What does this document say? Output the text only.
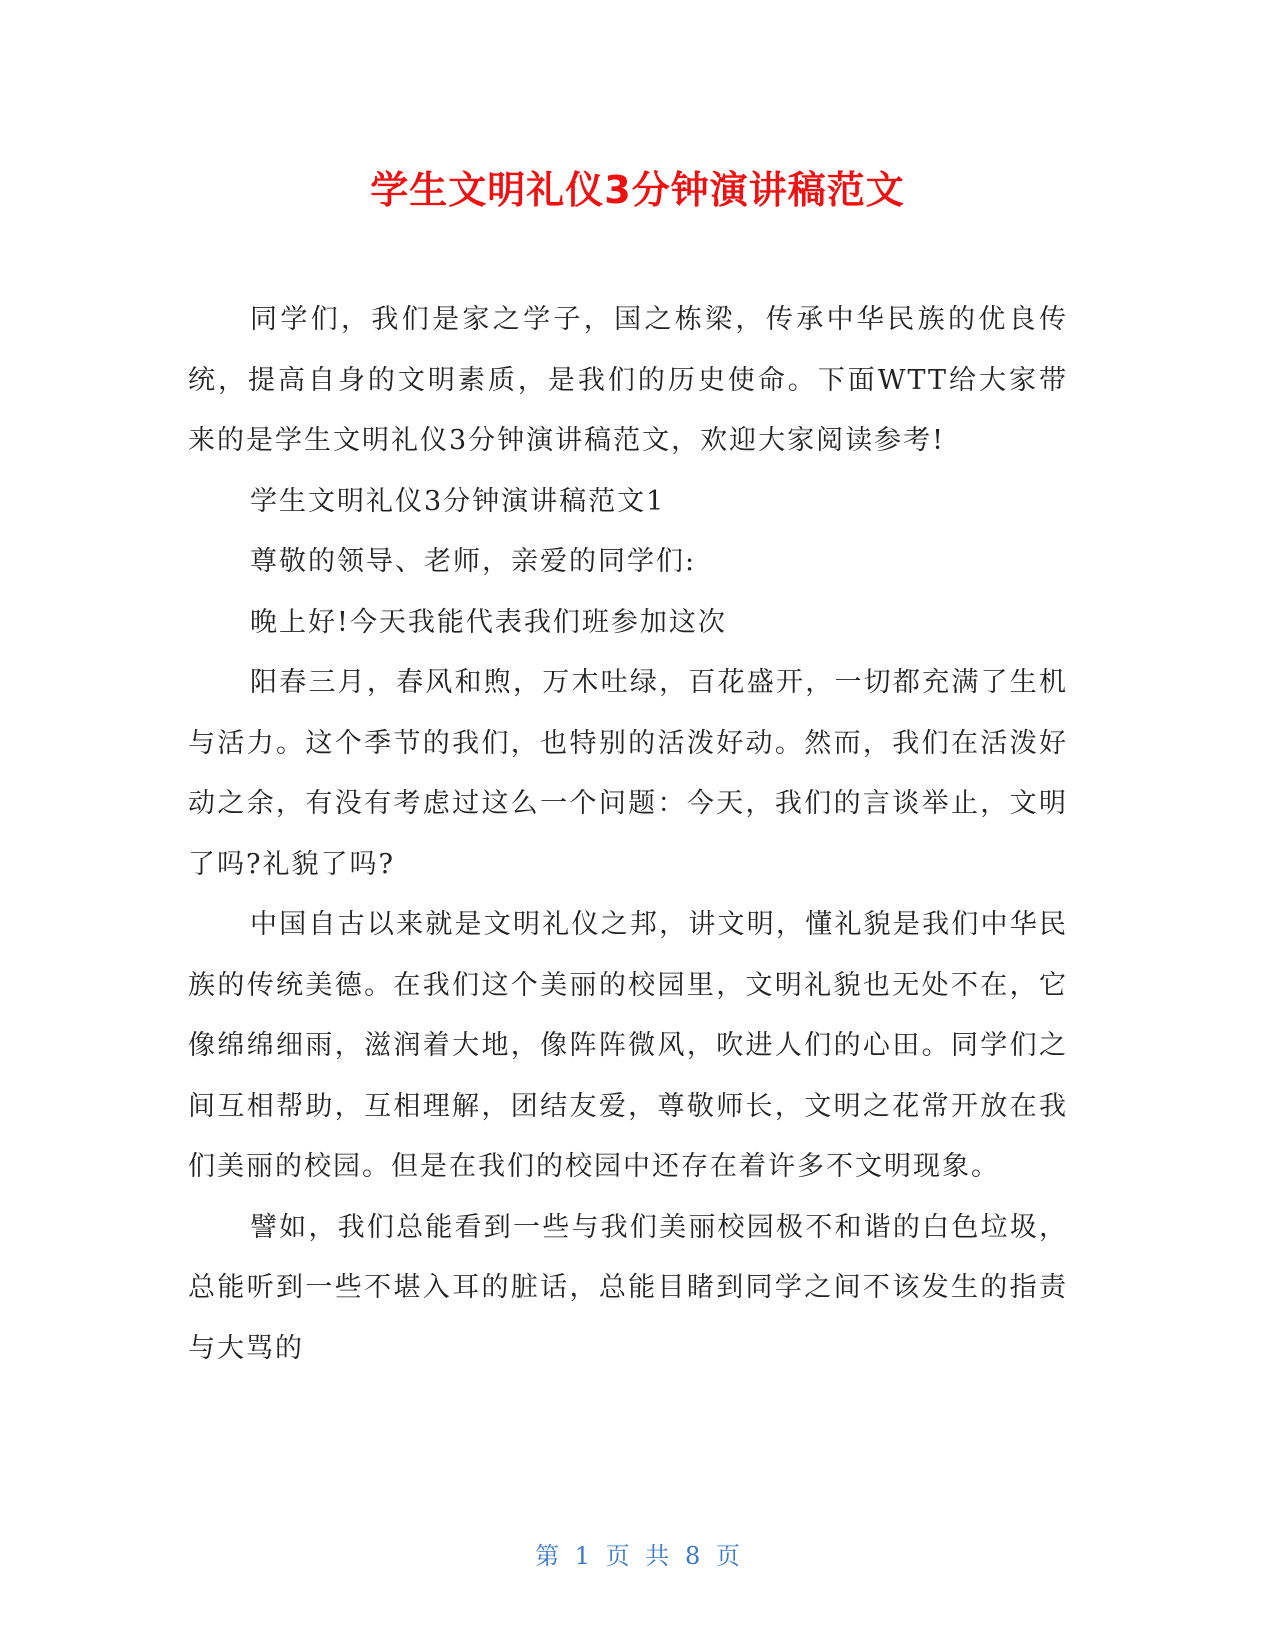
学生文明礼仪3分钟演讲稿范文

同学们，我们是家之学子，国之栋梁，传承中华民族的优良传统，提高自身的文明素质，是我们的历史使命。下面WTT给大家带来的是学生文明礼仪3分钟演讲稿范文，欢迎大家阅读参考!

学生文明礼仪3分钟演讲稿范文1

尊敬的领导、老师，亲爱的同学们:

晚上好!今天我能代表我们班参加这次

阳春三月，春风和煦，万木吐绿，百花盛开，一切都充满了生机与活力。这个季节的我们，也特别的活泼好动。然而，我们在活泼好动之余，有没有考虑过这么一个问题：今天，我们的言谈举止，文明了吗?礼貌了吗?

中国自古以来就是文明礼仪之邦，讲文明，懂礼貌是我们中华民族的传统美德。在我们这个美丽的校园里，文明礼貌也无处不在，它像绵绵细雨，滋润着大地，像阵阵微风，吹进人们的心田。同学们之间互相帮助，互相理解，团结友爱，尊敬师长，文明之花常开放在我们美丽的校园。但是在我们的校园中还存在着许多不文明现象。

譬如，我们总能看到一些与我们美丽校园极不和谐的白色垃圾，总能听到一些不堪入耳的脏话，总能目睹到同学之间不该发生的指责与大骂的

第 1 页 共 8 页
